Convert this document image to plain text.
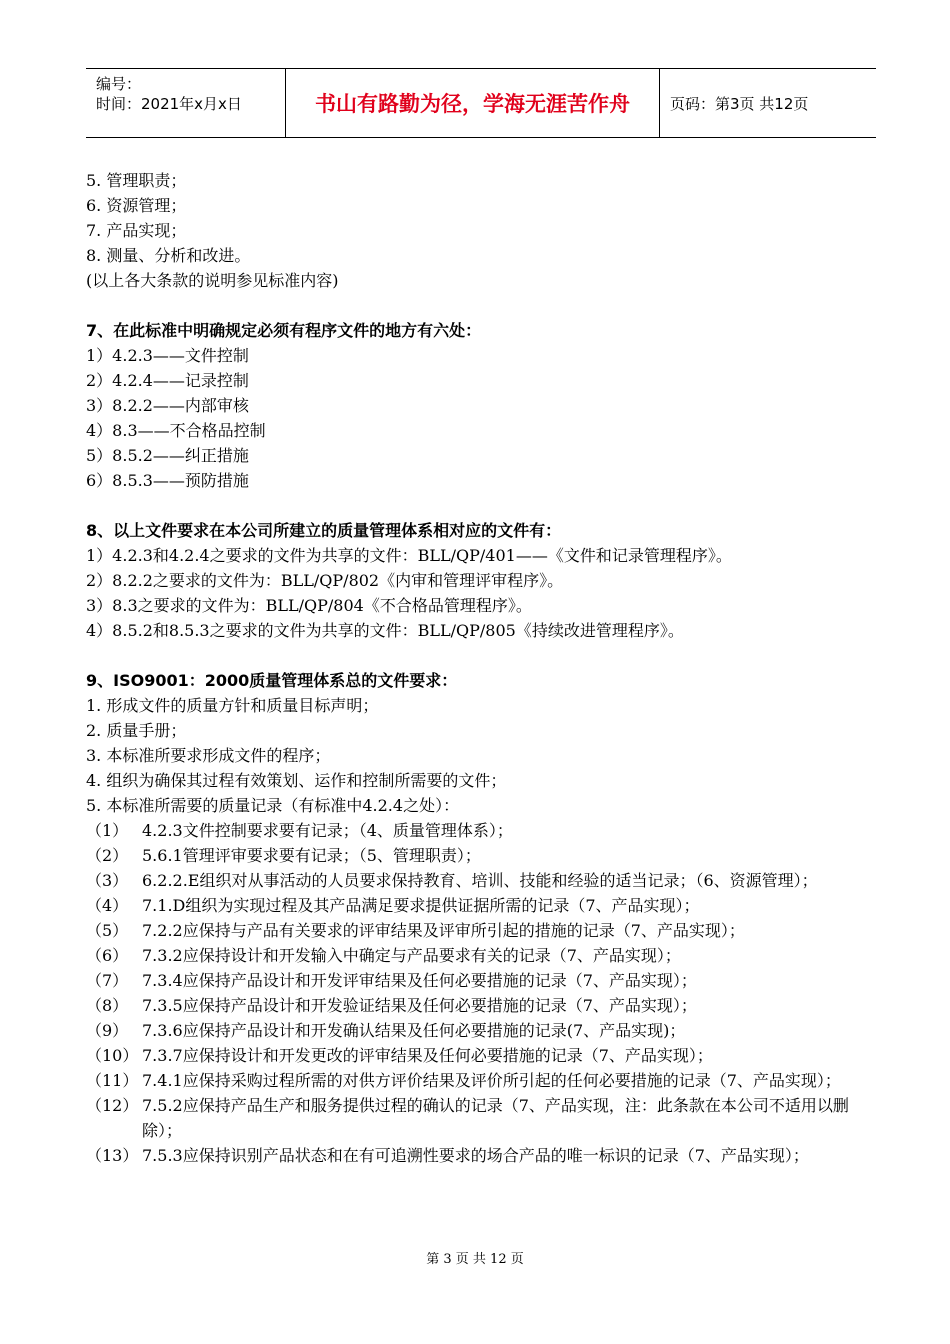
编号：
时间：2021年x月x日	书山有路勤为径，学海无涯苦作舟	页码：第3页 共12页
5. 管理职责；
6. 资源管理；
7. 产品实现；
8. 测量、分析和改进。
(以上各大条款的说明参见标准内容)
7、在此标准中明确规定必须有程序文件的地方有六处：
1）4.2.3——文件控制
2）4.2.4——记录控制
3）8.2.2——内部审核
4）8.3——不合格品控制
5）8.5.2——纠正措施
6）8.5.3——预防措施
8、以上文件要求在本公司所建立的质量管理体系相对应的文件有：
1）4.2.3和4.2.4之要求的文件为共享的文件：BLL/QP/401——《文件和记录管理程序》。
2）8.2.2之要求的文件为：BLL/QP/802《内审和管理评审程序》。
3）8.3之要求的文件为：BLL/QP/804《不合格品管理程序》。
4）8.5.2和8.5.3之要求的文件为共享的文件：BLL/QP/805《持续改进管理程序》。
9、ISO9001：2000质量管理体系总的文件要求：
1. 形成文件的质量方针和质量目标声明；
2. 质量手册；
3. 本标准所要求形成文件的程序；
4. 组织为确保其过程有效策划、运作和控制所需要的文件；
5. 本标准所需要的质量记录（有标准中4.2.4之处）：
（1） 4.2.3文件控制要求要有记录；（4、质量管理体系）；
（2） 5.6.1管理评审要求要有记录；（5、管理职责）；
（3） 6.2.2.E组织对从事活动的人员要求保持教育、培训、技能和经验的适当记录；（6、资源管理）；
（4） 7.1.D组织为实现过程及其产品满足要求提供证据所需的记录（7、产品实现）；
（5） 7.2.2应保持与产品有关要求的评审结果及评审所引起的措施的记录（7、产品实现）；
（6） 7.3.2应保持设计和开发输入中确定与产品要求有关的记录（7、产品实现）；
（7） 7.3.4应保持产品设计和开发评审结果及任何必要措施的记录（7、产品实现）；
（8） 7.3.5应保持产品设计和开发验证结果及任何必要措施的记录（7、产品实现）；
（9） 7.3.6应保持产品设计和开发确认结果及任何必要措施的记录(7、产品实现)；
（10） 7.3.7应保持设计和开发更改的评审结果及任何必要措施的记录（7、产品实现）；
（11） 7.4.1应保持采购过程所需的对供方评价结果及评价所引起的任何必要措施的记录（7、产品实现）；
（12） 7.5.2应保持产品生产和服务提供过程的确认的记录（7、产品实现，注：此条款在本公司不适用以删除）；
（13） 7.5.3应保持识别产品状态和在有可追溯性要求的场合产品的唯一标识的记录（7、产品实现）；
第 3 页 共 12 页
